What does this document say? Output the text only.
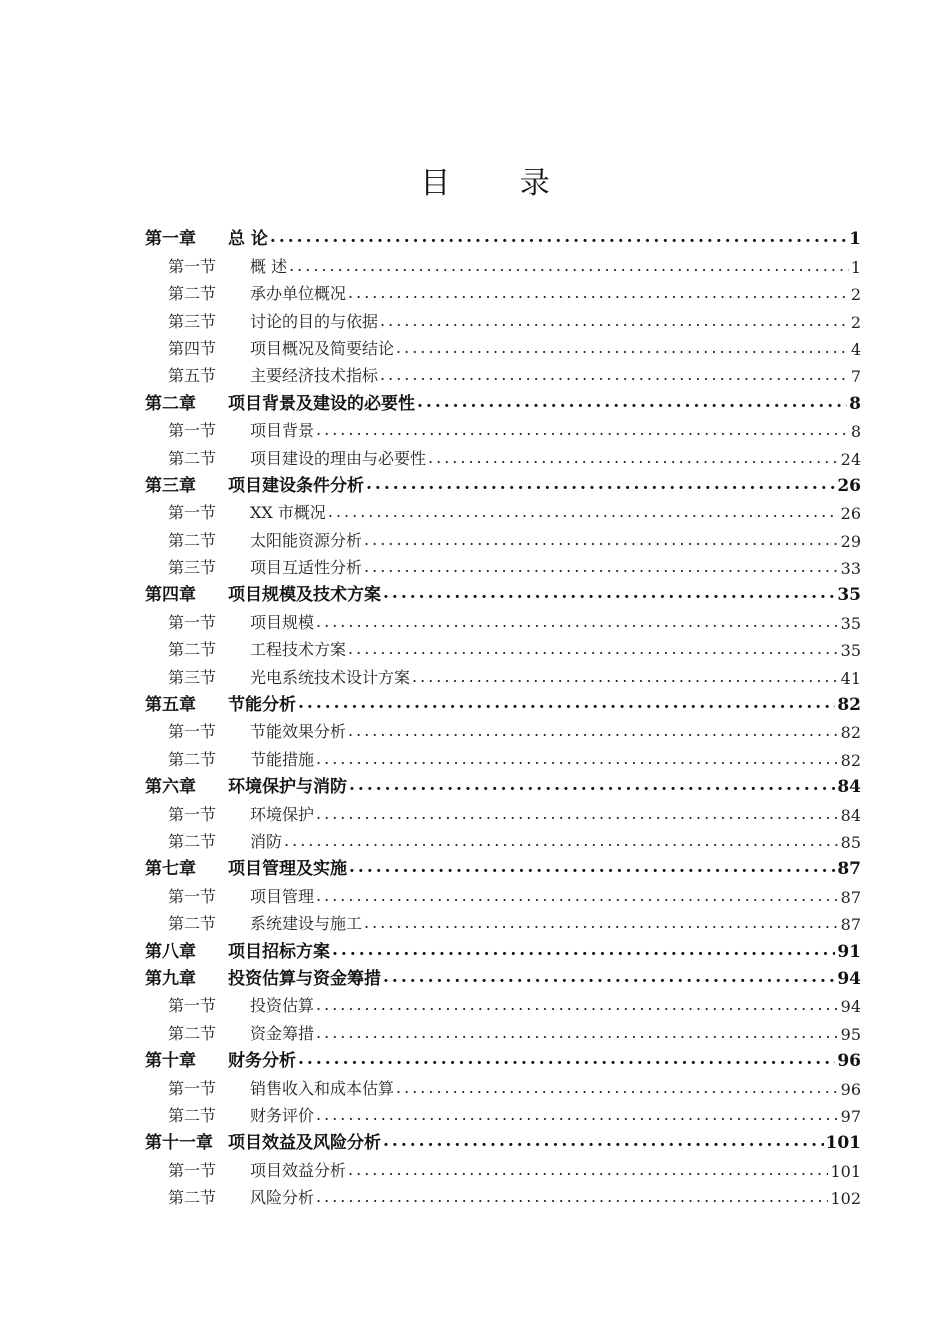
目 录
第一章	总 论 .....	1
第一节	概 述 .....	1
第二节	承办单位概况 .....	2
第三节	讨论的目的与依据 .....	2
第四节	项目概况及简要结论 .....	4
第五节	主要经济技术指标 .....	7
第二章	项目背景及建设的必要性 .....	8
第一节	项目背景 .....	8
第二节	项目建设的理由与必要性 .....	24
第三章	项目建设条件分析 .....	26
第一节	XX 市概况 .....	26
第二节	太阳能资源分析 .....	29
第三节	项目互适性分析 .....	33
第四章	项目规模及技术方案 .....	35
第一节	项目规模 .....	35
第二节	工程技术方案 .....	35
第三节	光电系统技术设计方案 .....	41
第五章	节能分析 .....	82
第一节	节能效果分析 .....	82
第二节	节能措施 .....	82
第六章	环境保护与消防 .....	84
第一节	环境保护 .....	84
第二节	消防 .....	85
第七章	项目管理及实施 .....	87
第一节	项目管理 .....	87
第二节	系统建设与施工 .....	87
第八章	项目招标方案 .....	91
第九章	投资估算与资金筹措 .....	94
第一节	投资估算 .....	94
第二节	资金筹措 .....	95
第十章	财务分析 .....	96
第一节	销售收入和成本估算 .....	96
第二节	财务评价 .....	97
第十一章 项目效益及风险分析 .....	101
第一节	项目效益分析 .....	101
第二节	风险分析 .....	102
